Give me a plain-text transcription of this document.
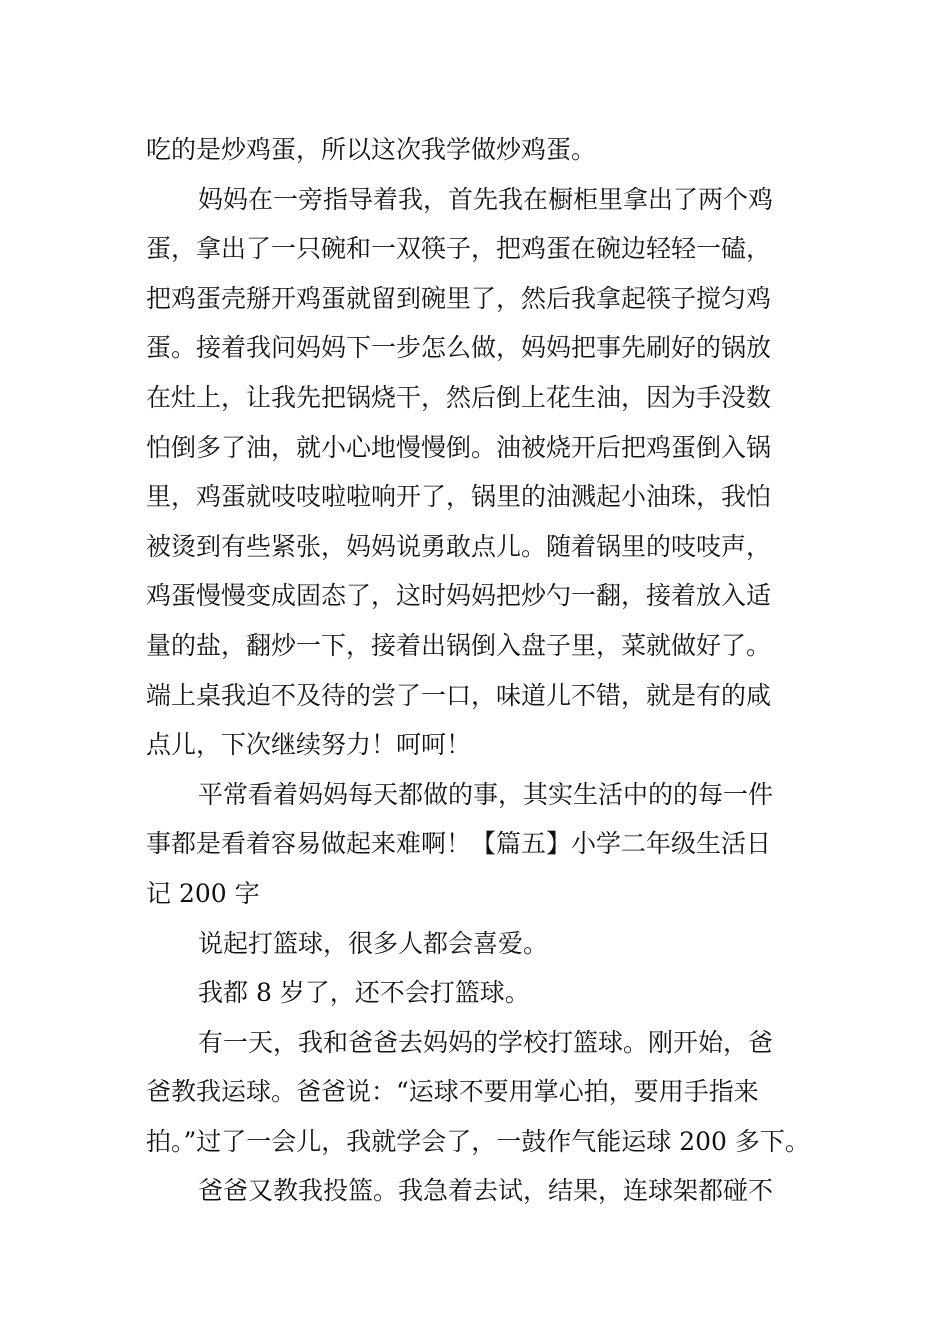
吃的是炒鸡蛋，所以这次我学做炒鸡蛋。
妈妈在一旁指导着我，首先我在橱柜里拿出了两个鸡
蛋，拿出了一只碗和一双筷子，把鸡蛋在碗边轻轻一磕，
把鸡蛋壳掰开鸡蛋就留到碗里了，然后我拿起筷子搅匀鸡
蛋。接着我问妈妈下一步怎么做，妈妈把事先刷好的锅放
在灶上，让我先把锅烧干，然后倒上花生油，因为手没数
怕倒多了油，就小心地慢慢倒。油被烧开后把鸡蛋倒入锅
里，鸡蛋就吱吱啦啦响开了，锅里的油溅起小油珠，我怕
被烫到有些紧张，妈妈说勇敢点儿。随着锅里的吱吱声，
鸡蛋慢慢变成固态了，这时妈妈把炒勺一翻，接着放入适
量的盐，翻炒一下，接着出锅倒入盘子里，菜就做好了。
端上桌我迫不及待的尝了一口，味道儿不错，就是有的咸
点儿，下次继续努力！呵呵！
平常看着妈妈每天都做的事，其实生活中的的每一件
事都是看着容易做起来难啊！【篇五】小学二年级生活日
记 200 字
说起打篮球，很多人都会喜爱。
我都 8 岁了，还不会打篮球。
有一天，我和爸爸去妈妈的学校打篮球。刚开始，爸
爸教我运球。爸爸说：“运球不要用掌心拍，要用手指来
拍。”过了一会儿，我就学会了，一鼓作气能运球 200 多下。
爸爸又教我投篮。我急着去试，结果，连球架都碰不
